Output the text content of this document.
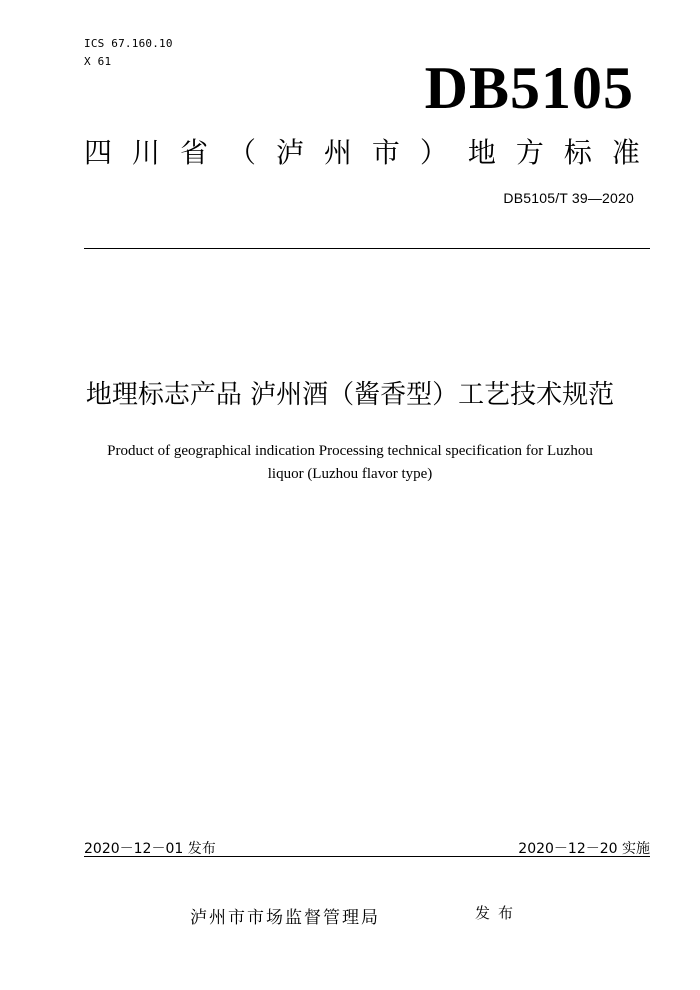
ICS 67.160.10
X 61	DB5105
四 川 省 （ 泸 州 市 ） 地 方 标 准
DB5105/T 39—2020
地理标志产品 泸州酒（酱香型）工艺技术规范
Product of geographical indication Processing technical specification for Luzhou
liquor (Luzhou flavor type)
2020－12－01 发布	2020－12－20 实施
泸州市市场监督管理局	发布
